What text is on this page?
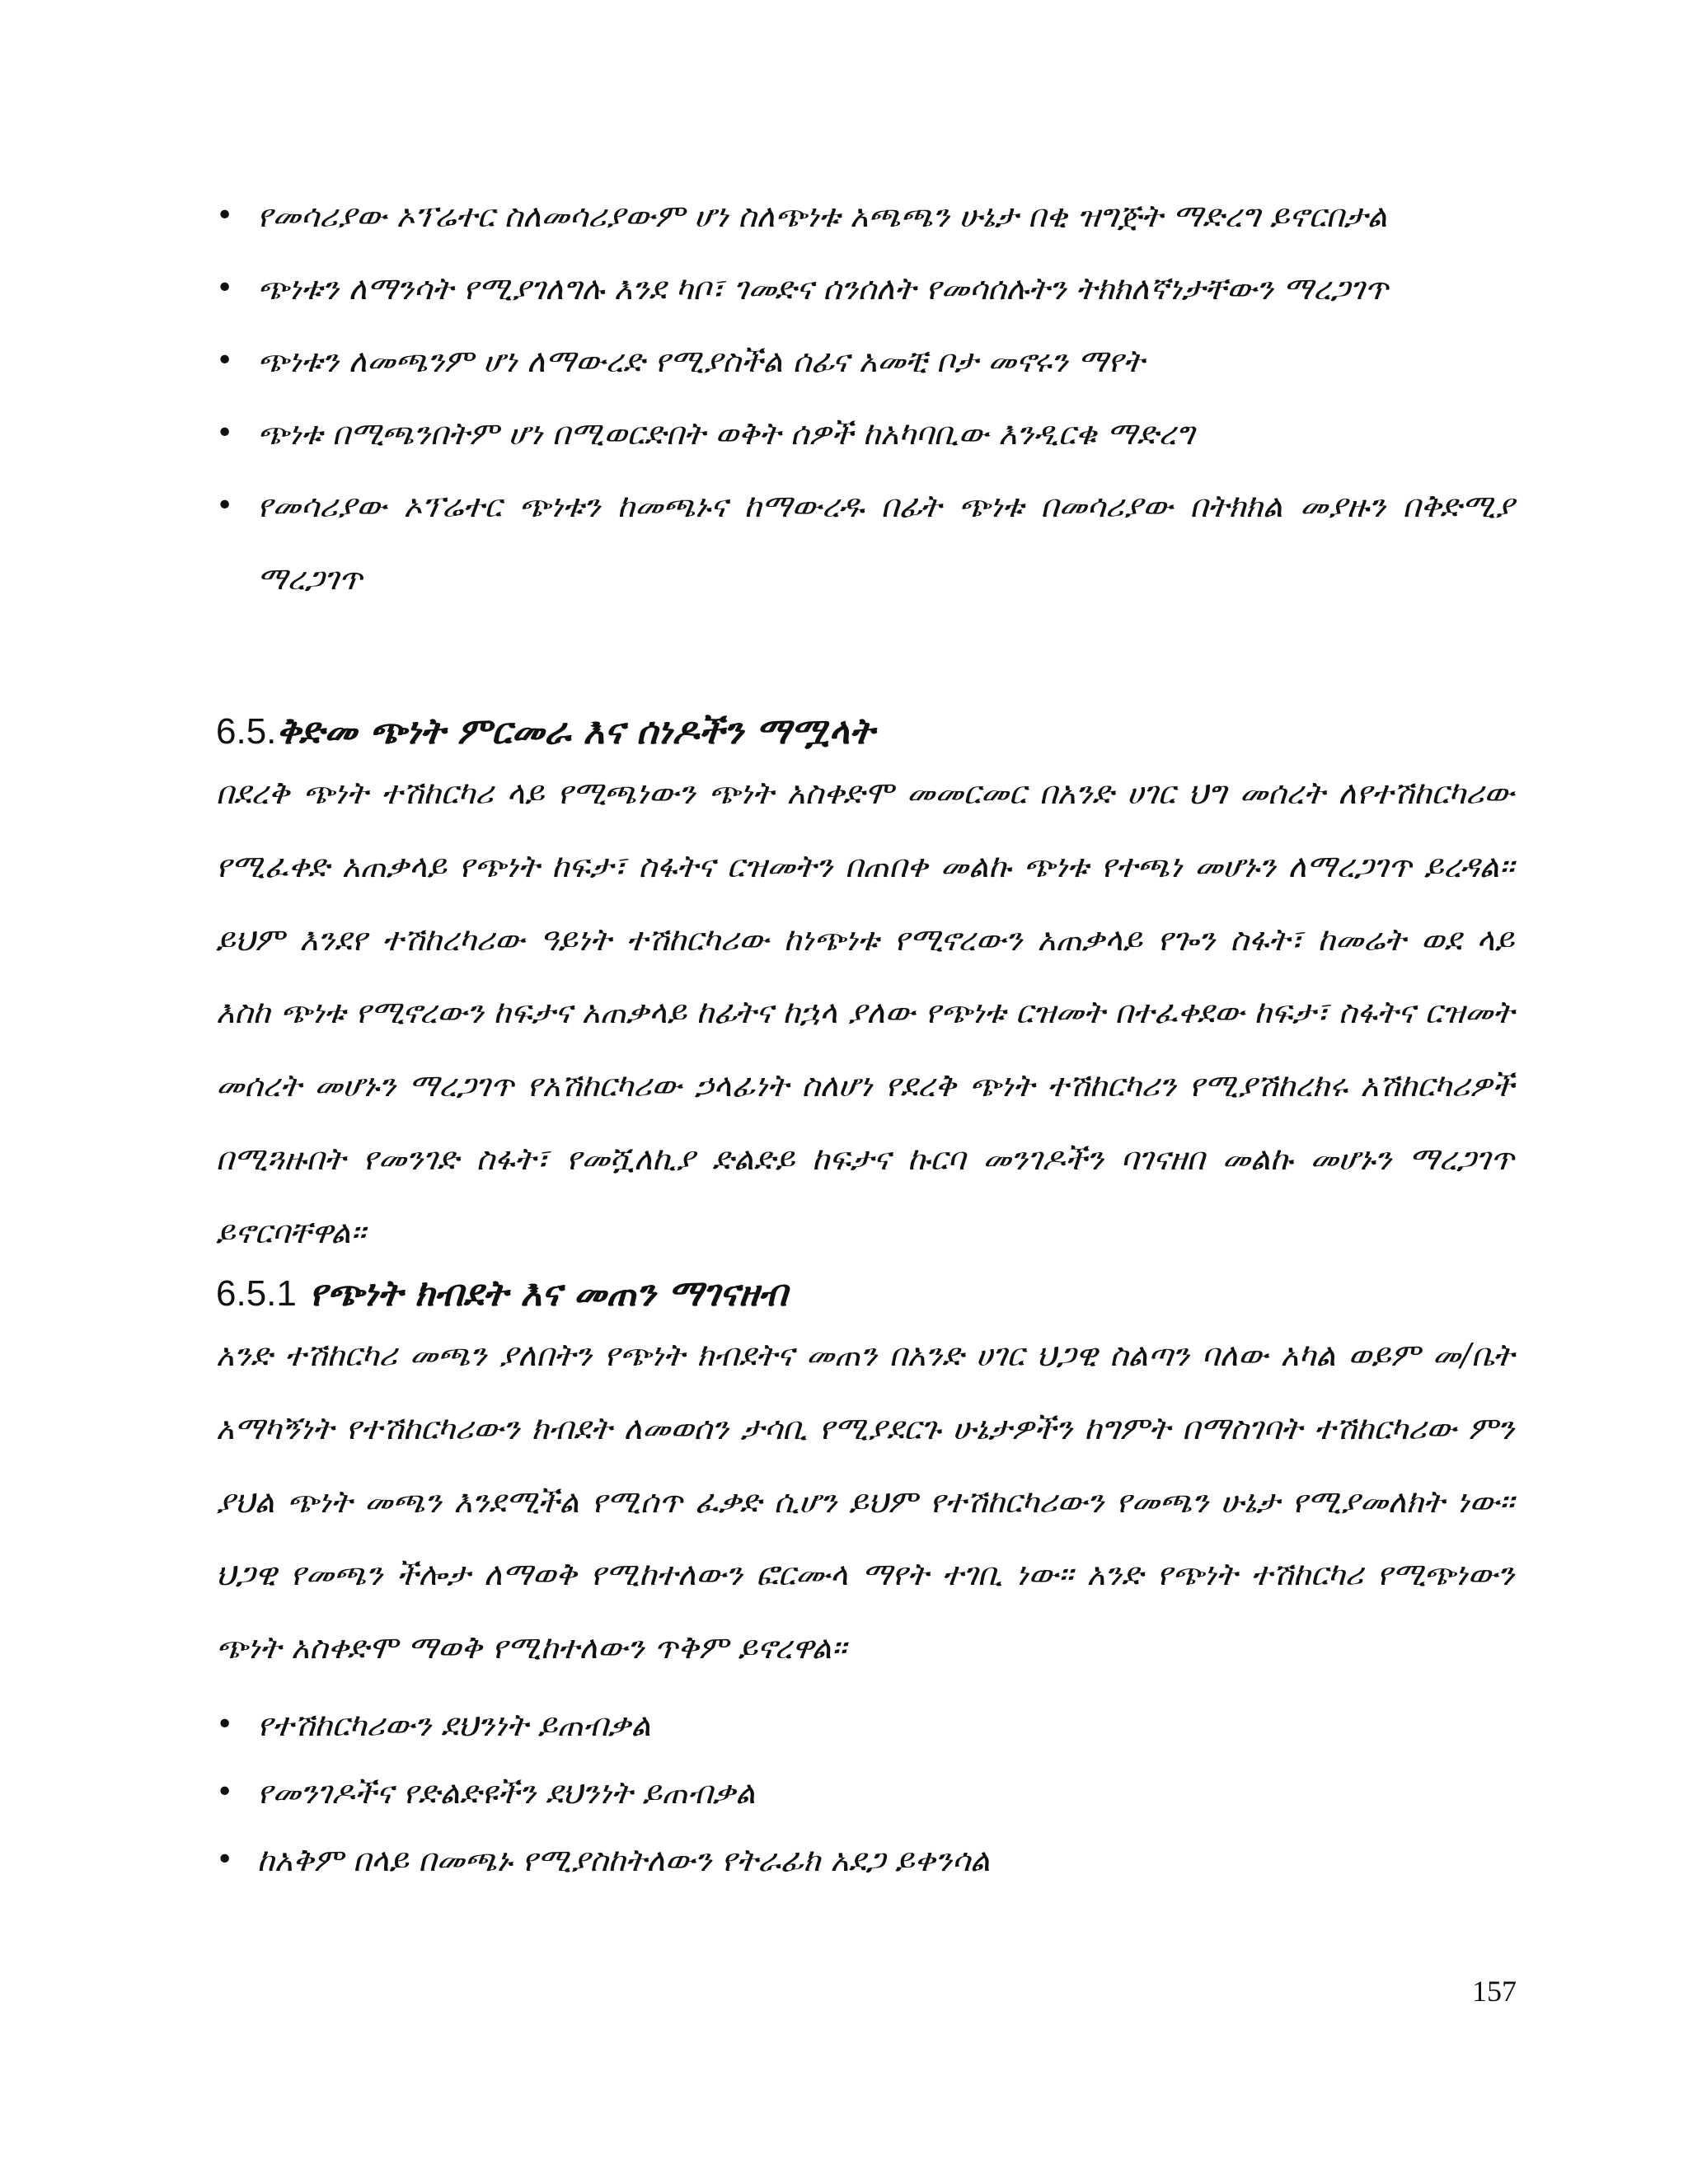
• የመሳሪያው ኦፕሬተር ስለመሳሪያውም ሆነ ስለጭነቱ አጫጫን ሁኔታ በቂ ዝግጅት ማድረግ ይኖርበታል
• ጭነቱን ለማንሳት የሚያገለግሉ እንደ ካቦ፣ ገመድና ሰንሰለት የመሳሰሉትን ትክክለኛነታቸውን ማረጋገጥ
• ጭነቱን ለመጫንም ሆነ ለማውረድ የሚያስችል ሰፊና አመቺ ቦታ መኖሩን ማየት
• ጭነቱ በሚጫንበትም ሆነ በሚወርድበት ወቅት ሰዎች ከአካባቢው እንዲርቁ ማድረግ
• የመሳሪያው ኦፕሬተር ጭነቱን ከመጫኑና ከማውረዱ በፊት ጭነቱ በመሳሪያው በትክክል መያዙን በቅድሚያ ማረጋገጥ
6.5.ቅድመ ጭነት ምርመራ እና ሰነዶችን ማሟላት
በደረቅ ጭነት ተሽከርካሪ ላይ የሚጫነውን ጭነት አስቀድሞ መመርመር በአንድ ሀገር ህግ መሰረት ለየተሽከርካሪው የሚፈቀድ አጠቃላይ የጭነት ከፍታ፣ ስፋትና ርዝመትን በጠበቀ መልኩ ጭነቱ የተጫነ መሆኑን ለማረጋገጥ ይረዳል፡፡ ይህም እንደየ ተሽከረካሪው ዓይነት ተሽከርካሪው ከነጭነቱ የሚኖረውን አጠቃላይ የጐን ስፋት፣ ከመሬት ወደ ላይ እስከ ጭነቱ የሚኖረውን ከፍታና አጠቃላይ ከፊትና ከኋላ ያለው የጭነቱ ርዝመት በተፈቀደው ከፍታ፣ ስፋትና ርዝመት መሰረት መሆኑን ማረጋገጥ የአሽከርካሪው ኃላፊነት ስለሆነ የደረቅ ጭነት ተሽከርካሪን የሚያሽከረክሩ አሽከርካሪዎች በሚጓዙበት የመንገድ ስፋት፣ የመሿለኪያ ድልድይ ከፍታና ኩርባ መንገዶችን ባገናዘበ መልኩ መሆኑን ማረጋገጥ ይኖርባቸዋል፡፡
6.5.1 የጭነት ክብደት እና መጠን ማገናዘብ
አንድ ተሽከርካሪ መጫን ያለበትን የጭነት ክብደትና መጠን በአንድ ሀገር ህጋዊ ስልጣን ባለው አካል ወይም መ/ቤት አማካኝነት የተሽከርካሪውን ክብደት ለመወሰን ታሳቢ የሚያደርጉ ሁኔታዎችን ከግምት በማስገባት ተሽከርካሪው ምን ያህል ጭነት መጫን እንደሚችል የሚሰጥ ፈቃድ ሲሆን ይህም የተሽከርካሪውን የመጫን ሁኔታ የሚያመለክት ነው፡፡ ህጋዊ የመጫን ችሎታ ለማወቅ የሚከተለውን ፎርሙላ ማየት ተገቢ ነው፡፡ አንድ የጭነት ተሽከርካሪ የሚጭነውን ጭነት አስቀድሞ ማወቅ የሚከተለውን ጥቅም ይኖረዋል፡፡
• የተሽከርካሪውን ደህንነት ይጠብቃል
• የመንገዶችና የድልድዩችን ደህንነት ይጠብቃል
• ከአቅም በላይ በመጫኑ የሚያስከትለውን የትራፊክ አደጋ ይቀንሳል
157
